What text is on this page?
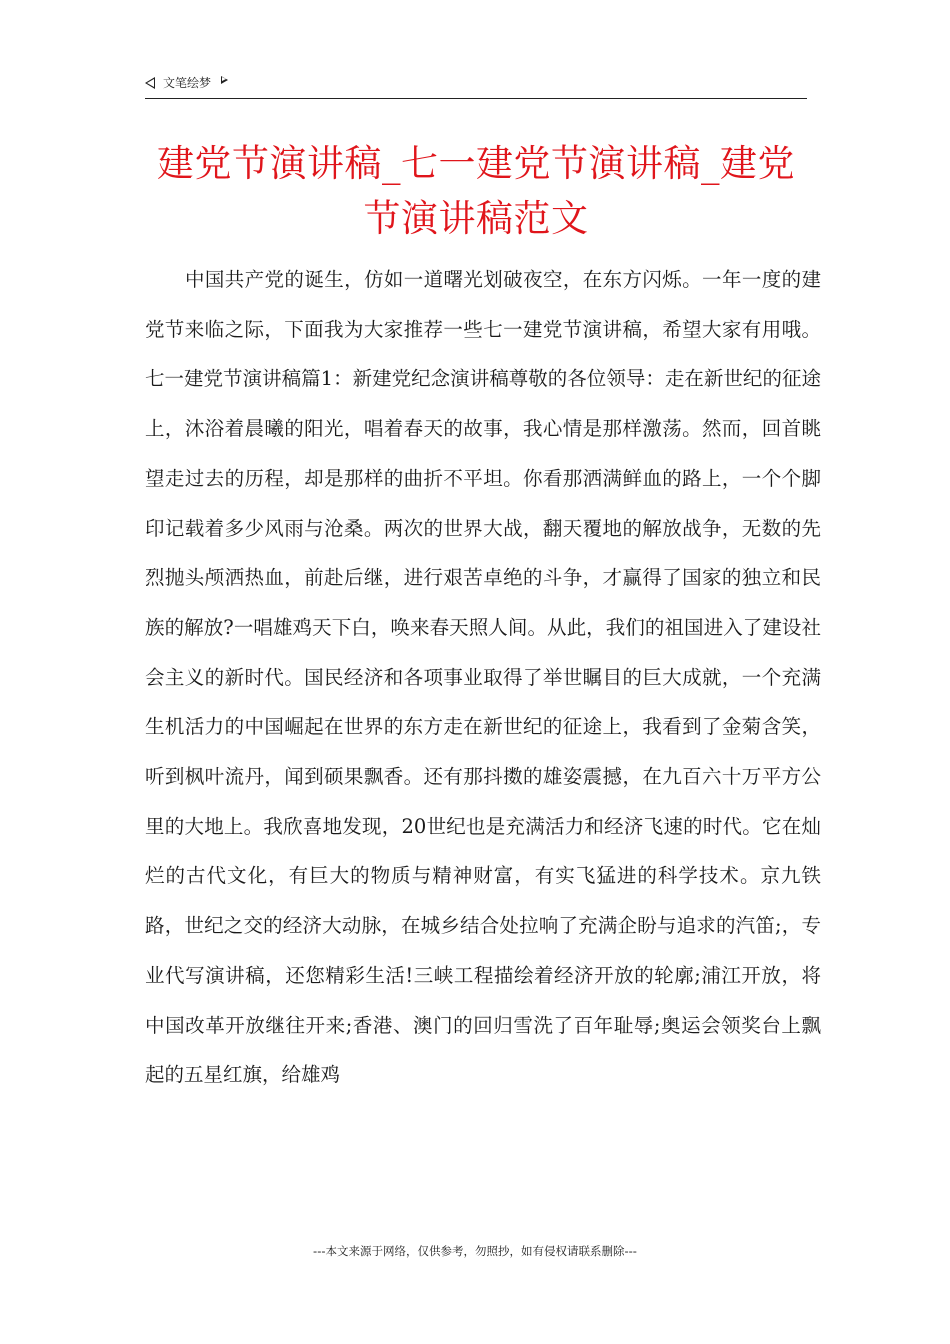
文笔绘梦
建党节演讲稿_七一建党节演讲稿_建党节演讲稿范文

中国共产党的诞生，仿如一道曙光划破夜空，在东方闪烁。一年一度的建党节来临之际，下面我为大家推荐一些七一建党节演讲稿，希望大家有用哦。七一建党节演讲稿篇1：新建党纪念演讲稿尊敬的各位领导：走在新世纪的征途上，沐浴着晨曦的阳光，唱着春天的故事，我心情是那样激荡。然而，回首眺望走过去的历程，却是那样的曲折不平坦。你看那洒满鲜血的路上，一个个脚印记载着多少风雨与沧桑。两次的世界大战，翻天覆地的解放战争，无数的先烈抛头颅洒热血，前赴后继，进行艰苦卓绝的斗争，才赢得了国家的独立和民族的解放?一唱雄鸡天下白，唤来春天照人间。从此，我们的祖国进入了建设社会主义的新时代。国民经济和各项事业取得了举世瞩目的巨大成就，一个充满生机活力的中国崛起在世界的东方走在新世纪的征途上，我看到了金菊含笑，听到枫叶流丹，闻到硕果飘香。还有那抖擞的雄姿震撼，在九百六十万平方公里的大地上。我欣喜地发现，20世纪也是充满活力和经济飞速的时代。它在灿烂的古代文化，有巨大的物质与精神财富，有实飞猛进的科学技术。京九铁路，世纪之交的经济大动脉，在城乡结合处拉响了充满企盼与追求的汽笛;，专业代写演讲稿，还您精彩生活!三峡工程描绘着经济开放的轮廓;浦江开放，将中国改革开放继往开来;香港、澳门的回归雪洗了百年耻辱;奥运会领奖台上飘起的五星红旗，给雄鸡

---本文来源于网络，仅供参考，勿照抄，如有侵权请联系删除---
